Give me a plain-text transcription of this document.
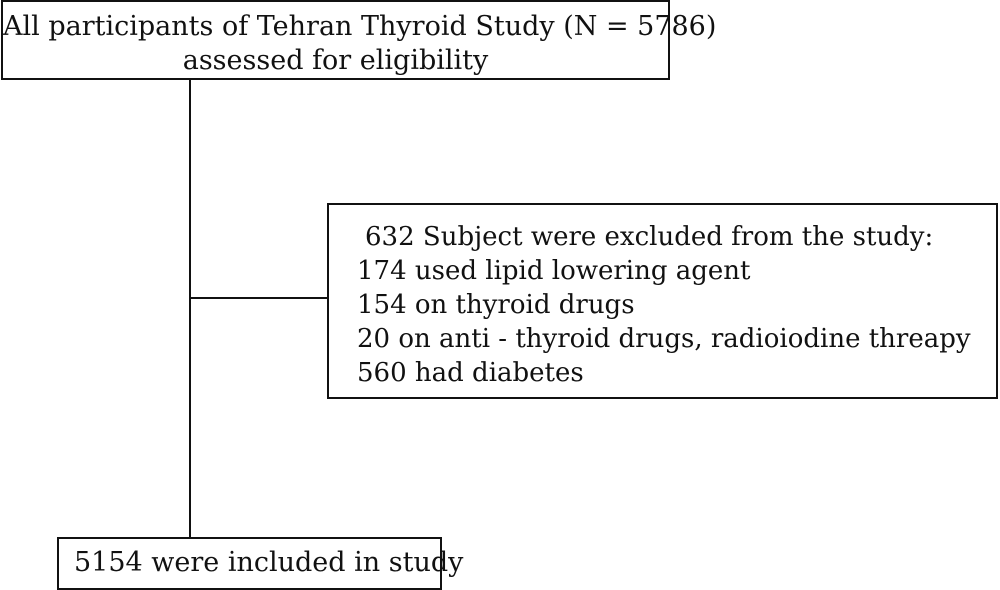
All participants of Tehran Thyroid Study (N = 5786)
assessed for eligibility
632 Subject were excluded from the study:
174 used lipid lowering agent
154 on thyroid drugs
20 on anti - thyroid drugs, radioiodine threapy
560 had diabetes
5154 were included in study
